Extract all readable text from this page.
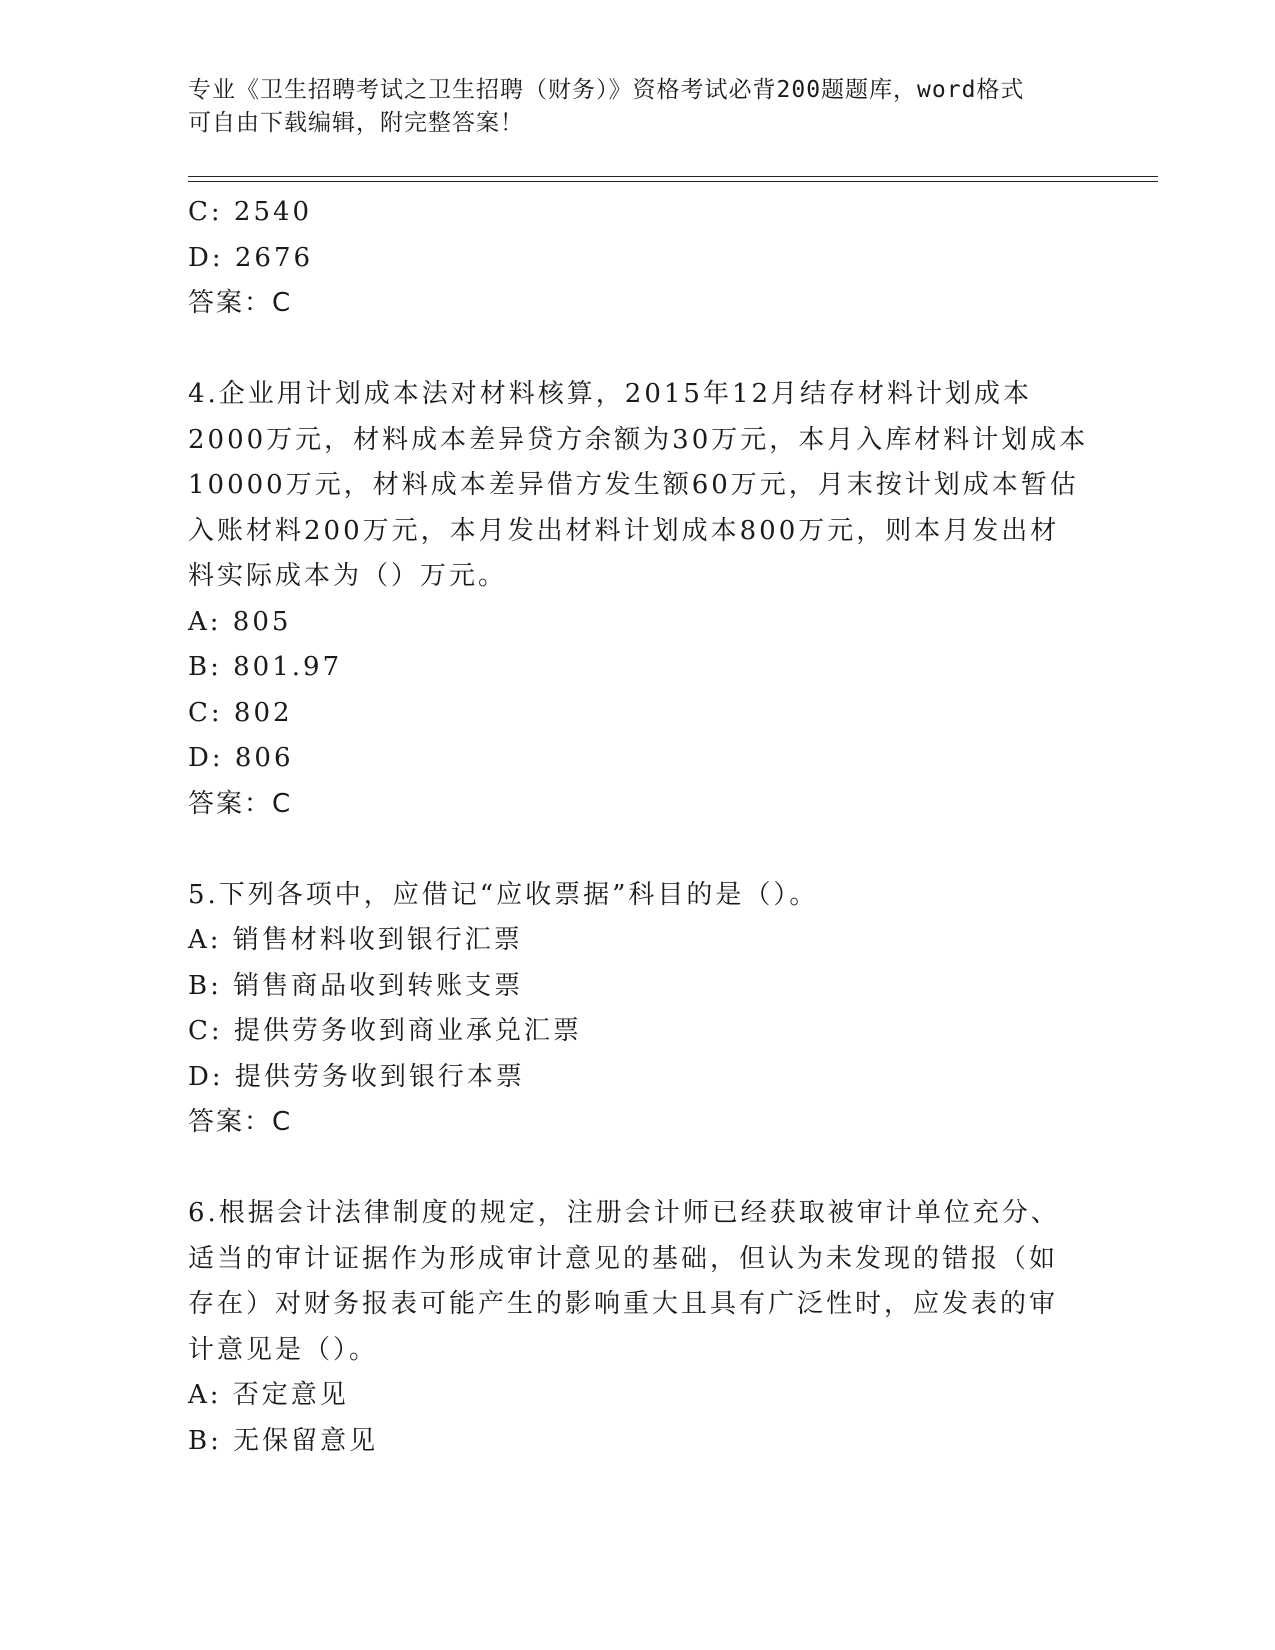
专业《卫生招聘考试之卫生招聘（财务）》资格考试必背200题题库，word格式
可自由下载编辑，附完整答案！
C: 2540
D: 2676
答案：C
4.企业用计划成本法对材料核算，2015年12月结存材料计划成本
2000万元，材料成本差异贷方余额为30万元，本月入库材料计划成本
10000万元，材料成本差异借方发生额60万元，月末按计划成本暂估
入账材料200万元，本月发出材料计划成本800万元，则本月发出材
料实际成本为（）万元。
A: 805
B: 801.97
C: 802
D: 806
答案：C
5.下列各项中，应借记“应收票据”科目的是（）。
A: 销售材料收到银行汇票
B: 销售商品收到转账支票
C: 提供劳务收到商业承兑汇票
D: 提供劳务收到银行本票
答案：C
6.根据会计法律制度的规定，注册会计师已经获取被审计单位充分、
适当的审计证据作为形成审计意见的基础，但认为未发现的错报（如
存在）对财务报表可能产生的影响重大且具有广泛性时，应发表的审
计意见是（）。
A: 否定意见
B: 无保留意见
